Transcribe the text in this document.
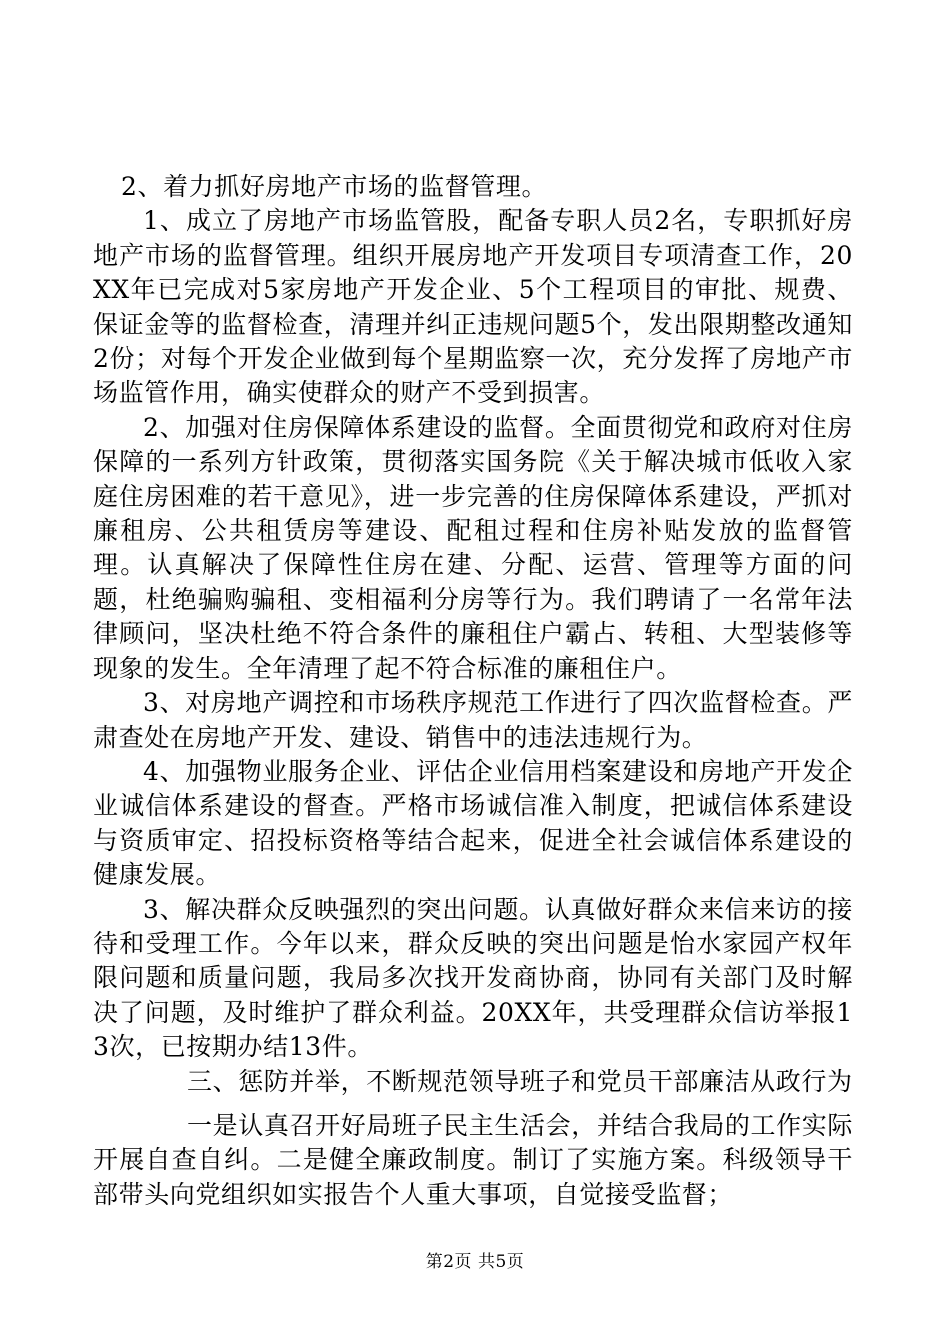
2、着力抓好房地产市场的监督管理。

1、成立了房地产市场监管股，配备专职人员2名，专职抓好房地产市场的监督管理。组织开展房地产开发项目专项清查工作，20XX年已完成对5家房地产开发企业、5个工程项目的审批、规费、保证金等的监督检查，清理并纠正违规问题5个，发出限期整改通知2份；对每个开发企业做到每个星期监察一次，充分发挥了房地产市场监管作用，确实使群众的财产不受到损害。

2、加强对住房保障体系建设的监督。全面贯彻党和政府对住房保障的一系列方针政策，贯彻落实国务院《关于解决城市低收入家庭住房困难的若干意见》，进一步完善的住房保障体系建设，严抓对廉租房、公共租赁房等建设、配租过程和住房补贴发放的监督管理。认真解决了保障性住房在建、分配、运营、管理等方面的问题，杜绝骗购骗租、变相福利分房等行为。我们聘请了一名常年法律顾问，坚决杜绝不符合条件的廉租住户霸占、转租、大型装修等现象的发生。全年清理了起不符合标准的廉租住户。

3、对房地产调控和市场秩序规范工作进行了四次监督检查。严肃查处在房地产开发、建设、销售中的违法违规行为。

4、加强物业服务企业、评估企业信用档案建设和房地产开发企业诚信体系建设的督查。严格市场诚信准入制度，把诚信体系建设与资质审定、招投标资格等结合起来，促进全社会诚信体系建设的健康发展。

3、解决群众反映强烈的突出问题。认真做好群众来信来访的接待和受理工作。今年以来，群众反映的突出问题是怡水家园产权年限问题和质量问题，我局多次找开发商协商，协同有关部门及时解决了问题，及时维护了群众利益。20XX年，共受理群众信访举报13次，已按期办结13件。

三、惩防并举，不断规范领导班子和党员干部廉洁从政行为

一是认真召开好局班子民主生活会，并结合我局的工作实际开展自查自纠。二是健全廉政制度。制订了实施方案。科级领导干部带头向党组织如实报告个人重大事项，自觉接受监督；

第2页 共5页
